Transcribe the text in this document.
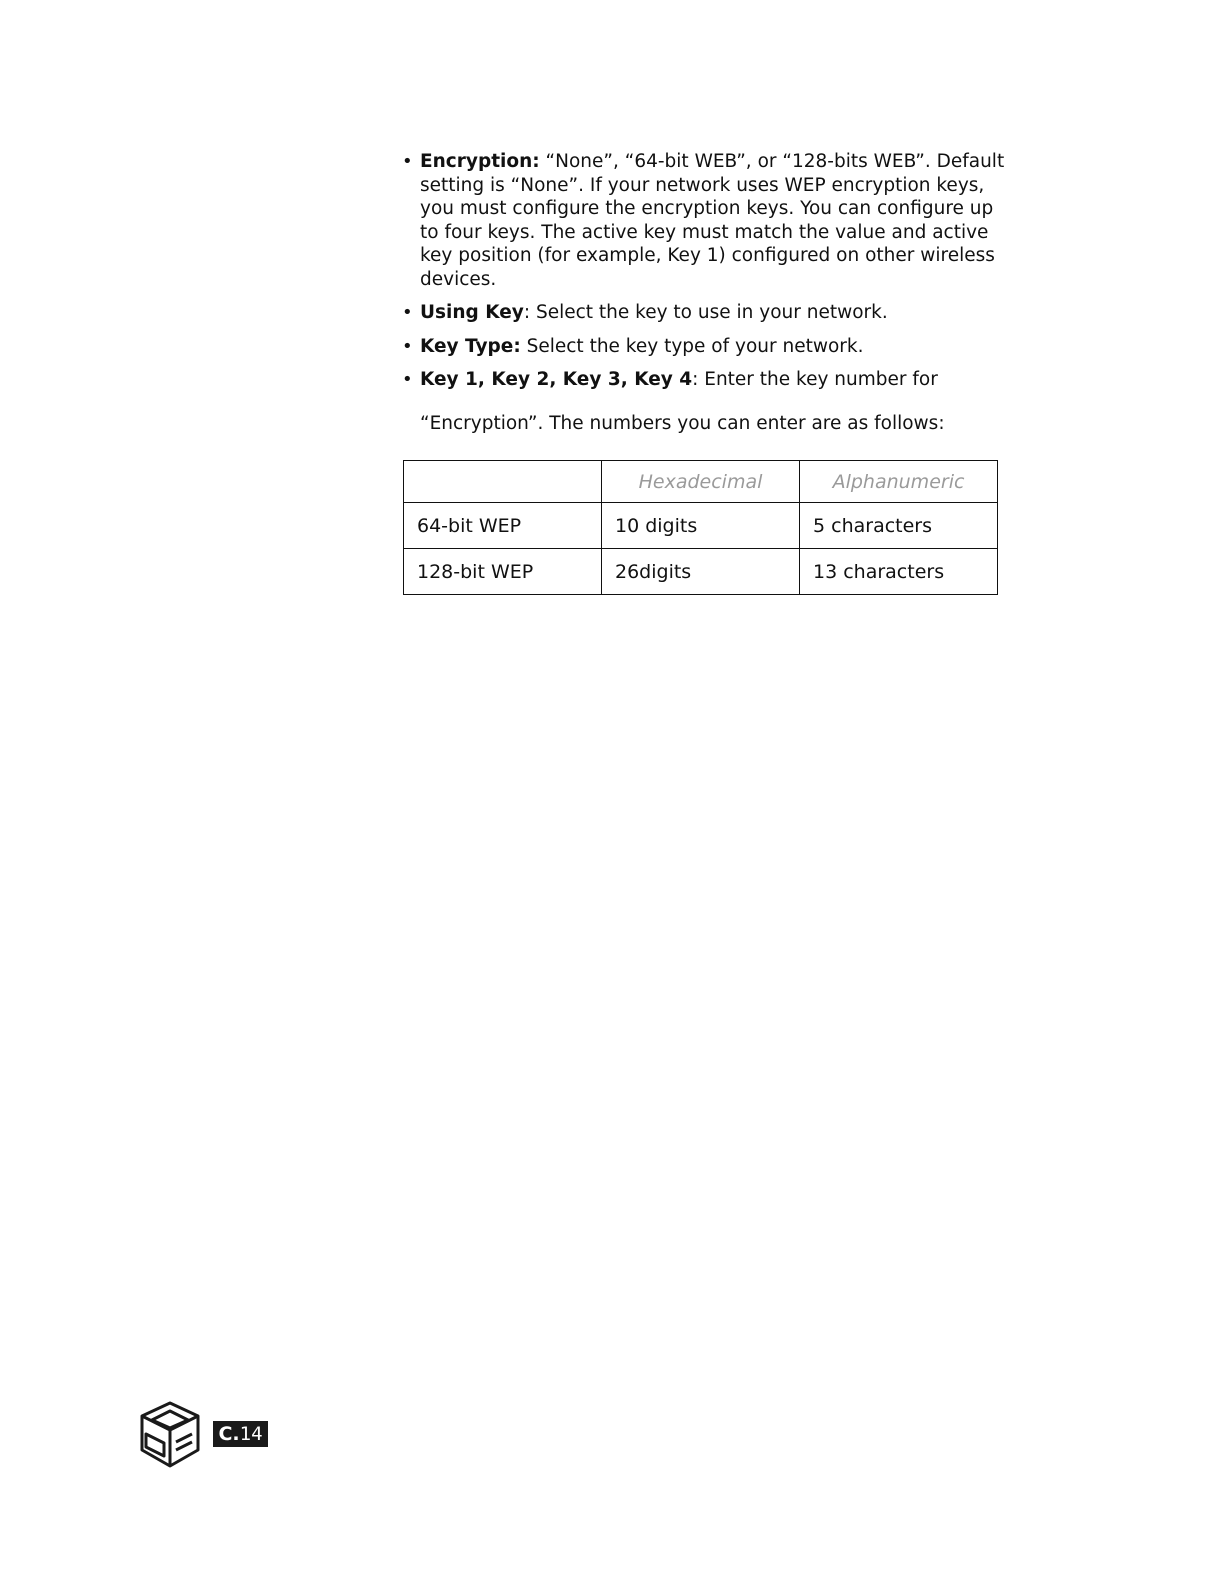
• Encryption: “None”, “64-bit WEB”, or “128-bits WEB”. Default setting is “None”. If your network uses WEP encryption keys, you must configure the encryption keys. You can configure up to four keys. The active key must match the value and active key position (for example, Key 1) configured on other wireless devices.
• Using Key: Select the key to use in your network.
• Key Type: Select the key type of your network.
• Key 1, Key 2, Key 3, Key 4: Enter the key number for

“Encryption”. The numbers you can enter are as follows:

	Hexadecimal	Alphanumeric
64-bit WEP	10 digits	5 characters
128-bit WEP	26digits	13 characters
C.14
